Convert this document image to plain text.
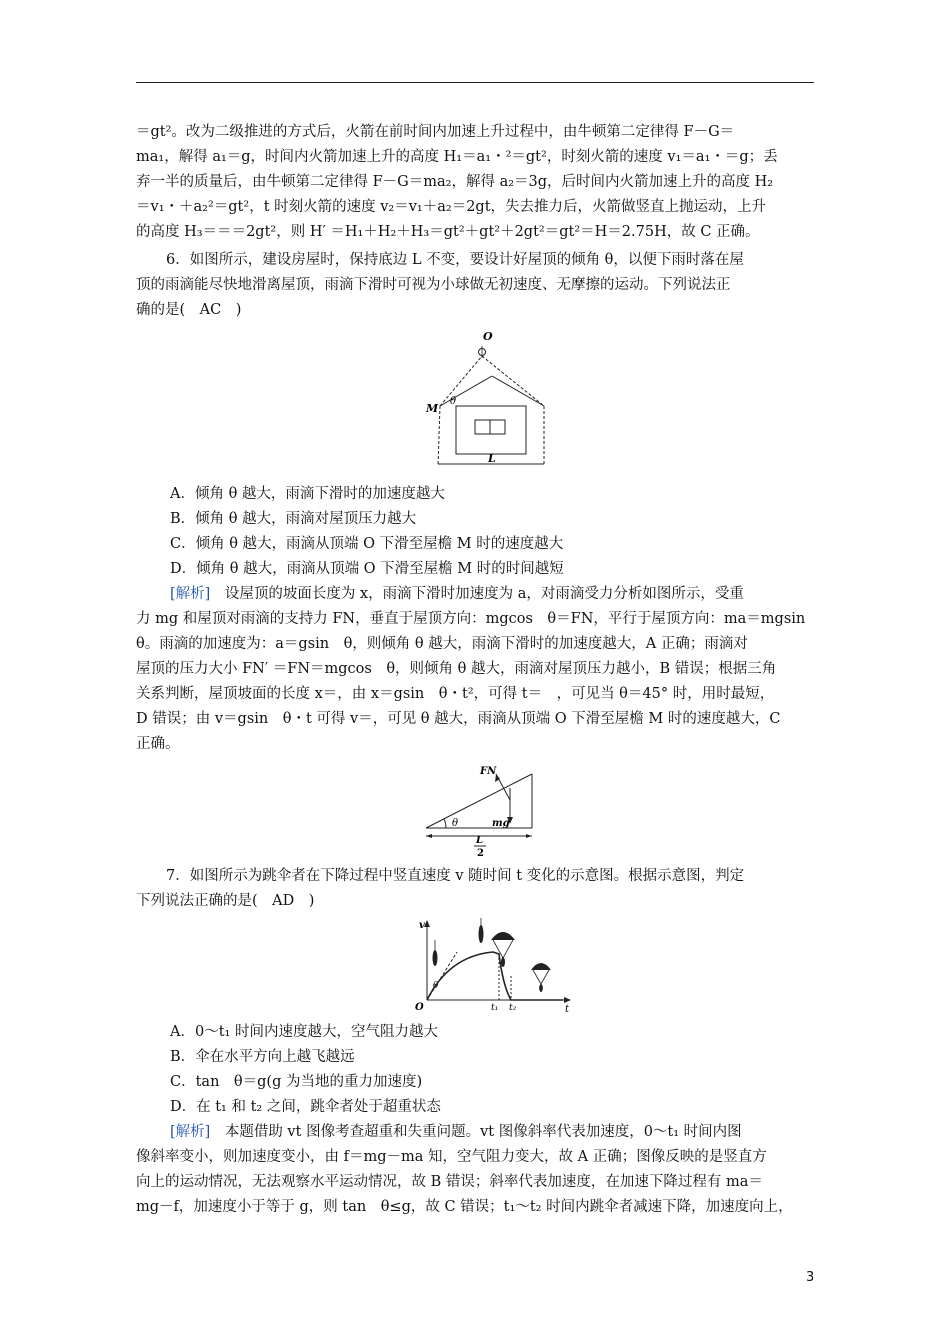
＝gt²。改为二级推进的方式后，火箭在前时间内加速上升过程中，由牛顿第二定律得 F－G＝
ma₁，解得 a₁＝g，时间内火箭加速上升的高度 H₁＝a₁・²＝gt²，时刻火箭的速度 v₁＝a₁・＝g；丢
弃一半的质量后，由牛顿第二定律得 F－G＝ma₂，解得 a₂＝3g，后时间内火箭加速上升的高度 H₂
＝v₁・＋a₂²＝gt²，t 时刻火箭的速度 v₂＝v₁＋a₂＝2gt，失去推力后，火箭做竖直上抛运动，上升
的高度 H₃＝＝＝2gt²，则 H′ ＝H₁＋H₂＋H₃＝gt²＋gt²＋2gt²＝gt²＝H＝2.75H，故 C 正确。
6．如图所示，建设房屋时，保持底边 L 不变，要设计好屋顶的倾角 θ，以便下雨时落在屋
顶的雨滴能尽快地滑离屋顶，雨滴下滑时可视为小球做无初速度、无摩擦的运动。下列说法正
确的是(　AC　)
O
M
θ
L
A．倾角 θ 越大，雨滴下滑时的加速度越大
B．倾角 θ 越大，雨滴对屋顶压力越大
C．倾角 θ 越大，雨滴从顶端 O 下滑至屋檐 M 时的速度越大
D．倾角 θ 越大，雨滴从顶端 O 下滑至屋檐 M 时的时间越短
[解析]　设屋顶的坡面长度为 x，雨滴下滑时加速度为 a，对雨滴受力分析如图所示，受重
力 mg 和屋顶对雨滴的支持力 FN，垂直于屋顶方向：mgcos　θ＝FN，平行于屋顶方向：ma＝mgsin
θ。雨滴的加速度为：a＝gsin　θ，则倾角 θ 越大，雨滴下滑时的加速度越大，A 正确；雨滴对
屋顶的压力大小 FN′ ＝FN＝mgcos　θ，则倾角 θ 越大，雨滴对屋顶压力越小，B 错误；根据三角
关系判断，屋顶坡面的长度 x＝，由 x＝gsin　θ・t²，可得 t＝　，可见当 θ＝45° 时，用时最短，
D 错误；由 v＝gsin　θ・t 可得 v＝，可见 θ 越大，雨滴从顶端 O 下滑至屋檐 M 时的速度越大，C
正确。
θ
FN
mg
L
2
7．如图所示为跳伞者在下降过程中竖直速度 v 随时间 t 变化的示意图。根据示意图，判定
下列说法正确的是(　AD　)
v
O
θ
t₁ t₂	t
A．0～t₁ 时间内速度越大，空气阻力越大
B．伞在水平方向上越飞越远
C．tan　θ＝g(g 为当地的重力加速度)
D．在 t₁ 和 t₂ 之间，跳伞者处于超重状态
[解析]　本题借助 vt 图像考查超重和失重问题。vt 图像斜率代表加速度，0～t₁ 时间内图
像斜率变小，则加速度变小，由 f＝mg－ma 知，空气阻力变大，故 A 正确；图像反映的是竖直方
向上的运动情况，无法观察水平运动情况，故 B 错误；斜率代表加速度，在加速下降过程有 ma＝
mg－f，加速度小于等于 g，则 tan　θ≤g，故 C 错误；t₁～t₂ 时间内跳伞者减速下降，加速度向上，
3
